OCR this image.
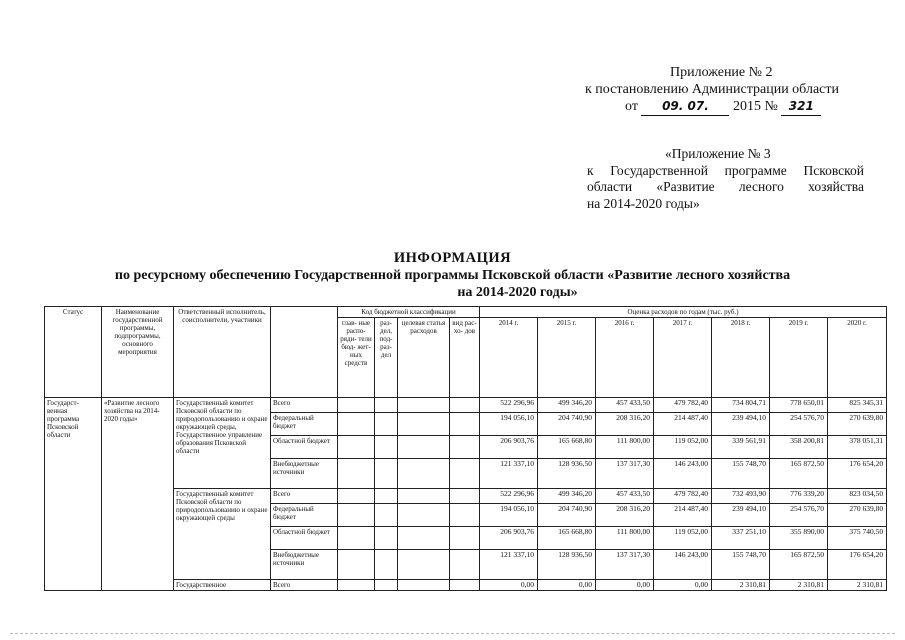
Приложение № 2
к постановлению Администрации области
от 09. 07. 2015 № 321
«Приложение № 3
к Государственной программе Псковской
области «Развитие лесного хозяйства
на 2014-2020 годы»
ИНФОРМАЦИЯ
по ресурсному обеспечению Государственной программы Псковской области «Развитие лесного хозяйства
на 2014-2020 годы»
Статус	Наименование государственной программы, подпрограммы, основного мероприятия	Ответственный исполнитель, соисполнители, участники		Код бюджетной классификации				Оценка расходов по годам (тыс. руб.)						
				глав- ные распо- ряди- тели бюд- жет- ных средств	раз- дел, под- раз- дел	целевая статья расходов	вид рас- хо- дов	2014 г.	2015 г.	2016 г.	2017 г.	2018 г.	2019 г.	2020 г.
Государст- венная программа Псковской области	«Развитие лесного хозяйства на 2014-2020 годы»	Государственный комитет Псковской области по природопользованию и охране окружающей среды, Государственное управление образования Псковской области	Всего					522 296,96	499 346,20	457 433,50	479 782,40	734 804,71	778 650,01	825 345,31
			Федеральный бюджет					194 056,10	204 740,90	208 316,20	214 487,40	239 494,10	254 576,70	270 639,80
			Областной бюджет					206 903,76	165 668,80	111 800,00	119 052,00	339 561,91	358 200,81	378 051,31
			Внебюджетные источники					121 337,10	128 936,50	137 317,30	146 243,00	155 748,70	165 872,50	176 654,20
		Государственный комитет Псковской области по природопользованию и охране окружающей среды	Всего					522 296,96	499 346,20	457 433,50	479 782,40	732 493,90	776 339,20	823 034,50
			Федеральный бюджет					194 056,10	204 740,90	208 316,20	214 487,40	239 494,10	254 576,70	270 639,80
			Областной бюджет					206 903,76	165 668,80	111 800,00	119 052,00	337 251,10	355 890,00	375 740,50
			Внебюджетные источники					121 337,10	128 936,50	137 317,30	146 243,00	155 748,70	165 872,50	176 654,20
		Государственное	Всего					0,00	0,00	0,00	0,00	2 310,81	2 310,81	2 310,81
